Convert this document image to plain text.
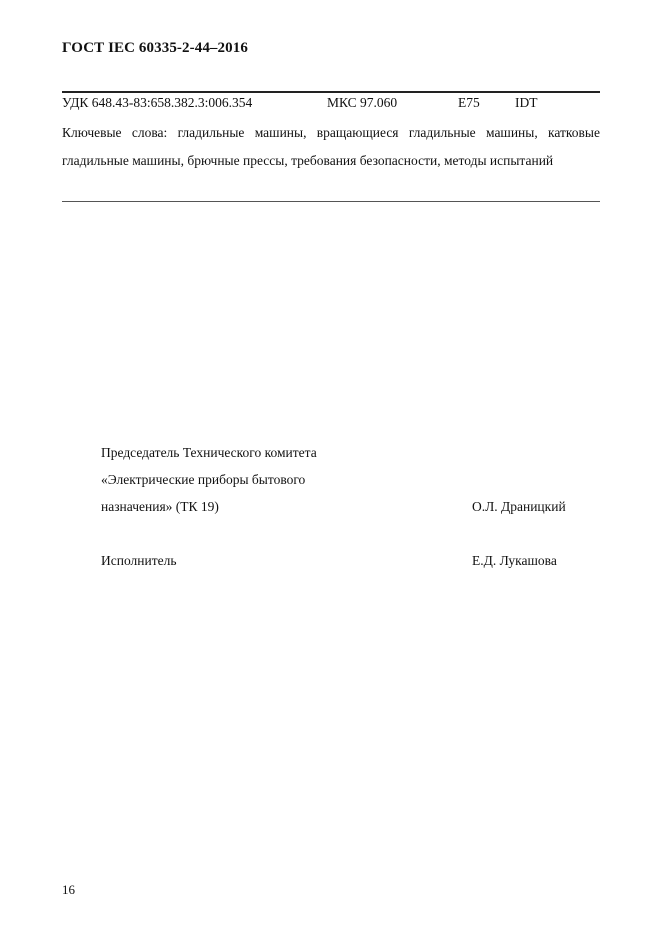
ГОСТ IEC 60335-2-44–2016
УДК 648.43-83:658.382.3:006.354	МКС 97.060	Е75	IDT
Ключевые слова: гладильные машины, вращающиеся гладильные машины, катковые гладильные машины, брючные прессы, требования безопасности, методы испытаний
Председатель Технического комитета
«Электрические приборы бытового
назначения» (ТК 19)	О.Л. Драницкий
Исполнитель	Е.Д. Лукашова
16
